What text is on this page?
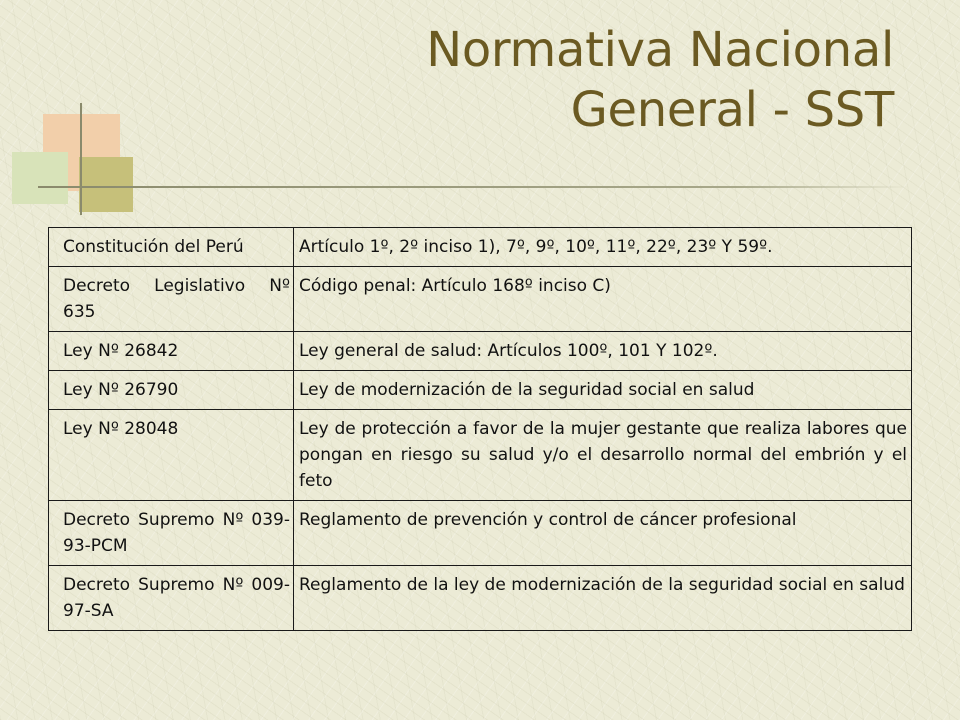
Normativa Nacional
General - SST
Constitución del Perú	Artículo 1º, 2º inciso 1), 7º, 9º, 10º, 11º, 22º, 23º Y 59º.
Decreto Legislativo Nº 635	Código penal: Artículo 168º inciso C)
Ley Nº 26842	Ley general de salud: Artículos 100º, 101 Y 102º.
Ley Nº 26790	Ley de modernización de la seguridad social en salud
Ley Nº 28048	Ley de protección a favor de la mujer gestante que realiza labores que pongan en riesgo su salud y/o el desarrollo normal del embrión y el feto
Decreto Supremo Nº 039-93-PCM	Reglamento de prevención y control de cáncer profesional
Decreto Supremo Nº 009-97-SA	Reglamento de la ley de modernización de la seguridad social en salud
